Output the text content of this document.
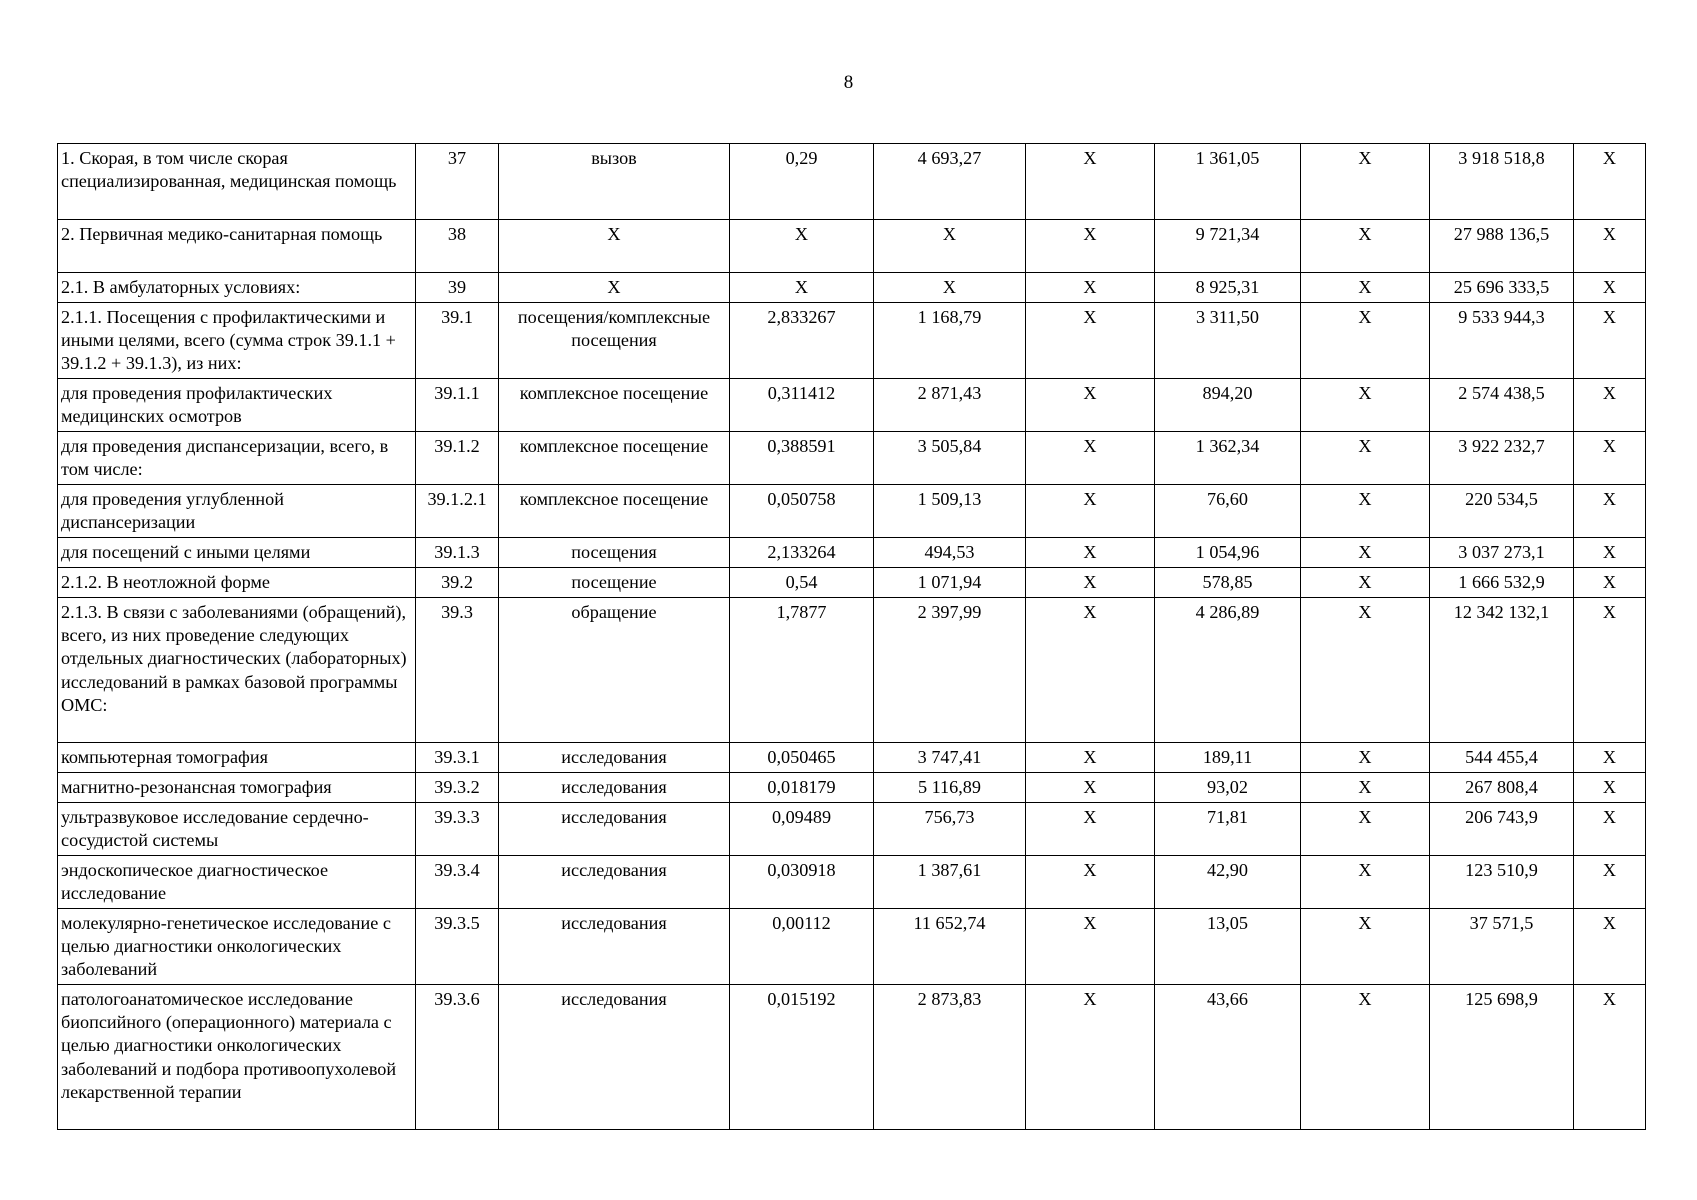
8
1. Скорая, в том числе скорая специализированная, медицинская помощь	37	вызов	0,29	4 693,27	Х	1 361,05	Х	3 918 518,8	Х
2. Первичная медико-санитарная помощь	38	Х	Х	Х	Х	9 721,34	Х	27 988 136,5	Х
2.1. В амбулаторных условиях:	39	Х	Х	Х	Х	8 925,31	Х	25 696 333,5	Х
2.1.1. Посещения с профилактическими и иными целями, всего (сумма строк 39.1.1 + 39.1.2 + 39.1.3), из них:	39.1	посещения/комплексные посещения	2,833267	1 168,79	Х	3 311,50	Х	9 533 944,3	Х
для проведения профилактических медицинских осмотров	39.1.1	комплексное посещение	0,311412	2 871,43	Х	894,20	Х	2 574 438,5	Х
для проведения диспансеризации, всего, в том числе:	39.1.2	комплексное посещение	0,388591	3 505,84	Х	1 362,34	Х	3 922 232,7	Х
для проведения углубленной диспансеризации	39.1.2.1	комплексное посещение	0,050758	1 509,13	Х	76,60	Х	220 534,5	Х
для посещений с иными целями	39.1.3	посещения	2,133264	494,53	Х	1 054,96	Х	3 037 273,1	Х
2.1.2. В неотложной форме	39.2	посещение	0,54	1 071,94	Х	578,85	Х	1 666 532,9	Х
2.1.3. В связи с заболеваниями (обращений), всего, из них проведение следующих отдельных диагностических (лабораторных) исследований в рамках базовой программы ОМС:	39.3	обращение	1,7877	2 397,99	Х	4 286,89	Х	12 342 132,1	Х
компьютерная томография	39.3.1	исследования	0,050465	3 747,41	Х	189,11	Х	544 455,4	Х
магнитно-резонансная томография	39.3.2	исследования	0,018179	5 116,89	Х	93,02	Х	267 808,4	Х
ультразвуковое исследование сердечно-сосудистой системы	39.3.3	исследования	0,09489	756,73	Х	71,81	Х	206 743,9	Х
эндоскопическое диагностическое исследование	39.3.4	исследования	0,030918	1 387,61	Х	42,90	Х	123 510,9	Х
молекулярно-генетическое исследование с целью диагностики онкологических заболеваний	39.3.5	исследования	0,00112	11 652,74	Х	13,05	Х	37 571,5	Х
патологоанатомическое исследование биопсийного (операционного) материала с целью диагностики онкологических заболеваний и подбора противоопухолевой лекарственной терапии	39.3.6	исследования	0,015192	2 873,83	Х	43,66	Х	125 698,9	Х
